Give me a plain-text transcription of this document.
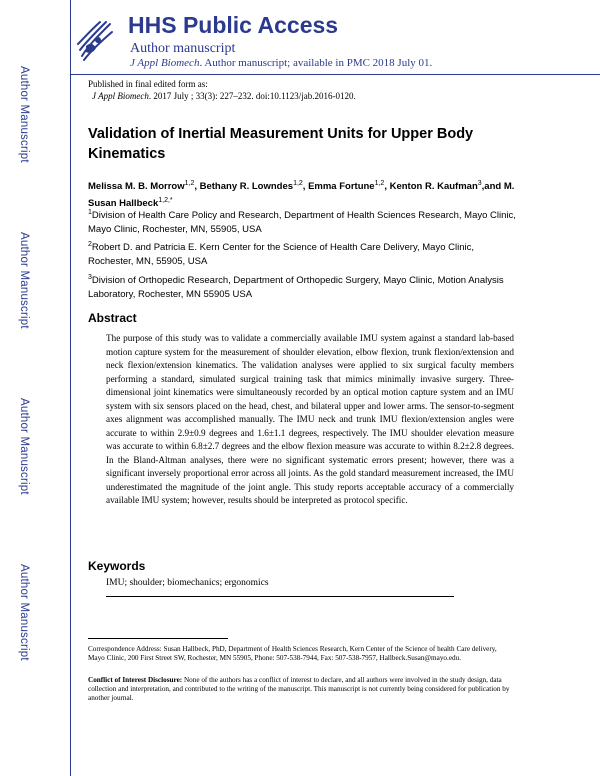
Author Manuscript
Author Manuscript
Author Manuscript
Author Manuscript
HHS Public Access
Author manuscript
J Appl Biomech. Author manuscript; available in PMC 2018 July 01.
Published in final edited form as:
J Appl Biomech. 2017 July ; 33(3): 227–232. doi:10.1123/jab.2016-0120.
Validation of Inertial Measurement Units for Upper Body Kinematics
Melissa M. B. Morrow$^{1,2}$, Bethany R. Lowndes$^{1,2}$, Emma Fortune$^{1,2}$, Kenton R. Kaufman$^3$,and M. Susan Hallbeck$^{1,2,*}$
$^1$Division of Health Care Policy and Research, Department of Health Sciences Research, Mayo Clinic, Mayo Clinic, Rochester, MN, 55905, USA
$^2$Robert D. and Patricia E. Kern Center for the Science of Health Care Delivery, Mayo Clinic, Rochester, MN, 55905, USA
$^3$Division of Orthopedic Research, Department of Orthopedic Surgery, Mayo Clinic, Motion Analysis Laboratory, Rochester, MN 55905 USA
Abstract
The purpose of this study was to validate a commercially available IMU system against a standard lab-based motion capture system for the measurement of shoulder elevation, elbow flexion, trunk flexion/extension and neck flexion/extension kinematics. The validation analyses were applied to six surgical faculty members performing a standard, simulated surgical training task that mimics minimally invasive surgery. Three-dimensional joint kinematics were simultaneously recorded by an optical motion capture system and an IMU system with six sensors placed on the head, chest, and bilateral upper and lower arms. The sensor-to-segment axes alignment was accomplished manually. The IMU neck and trunk IMU flexion/extension angles were accurate to within 2.9±0.9 degrees and 1.6±1.1 degrees, respectively. The IMU shoulder elevation measure was accurate to within 6.8±2.7 degrees and the elbow flexion measure was accurate to within 8.2±2.8 degrees. In the Bland-Altman analyses, there were no significant systematic errors present; however, there was a significant inversely proportional error across all joints. As the gold standard measurement increased, the IMU underestimated the magnitude of the joint angle. This study reports acceptable accuracy of a commercially available IMU system; however, results should be interpreted as protocol specific.
Keywords
IMU; shoulder; biomechanics; ergonomics
Correspondence Address: Susan Hallbeck, PhD, Department of Health Sciences Research, Kern Center of the Science of health Care delivery, Mayo Clinic, 200 First Street SW, Rochester, MN 55905, Phone: 507-538-7944, Fax: 507-538-7957, Hallbeck.Susan@mayo.edu.
Conflict of Interest Disclosure: None of the authors has a conflict of interest to declare, and all authors were involved in the study design, data collection and interpretation, and contributed to the writing of the manuscript. This manuscript is not currently being considered for publication by another journal.
